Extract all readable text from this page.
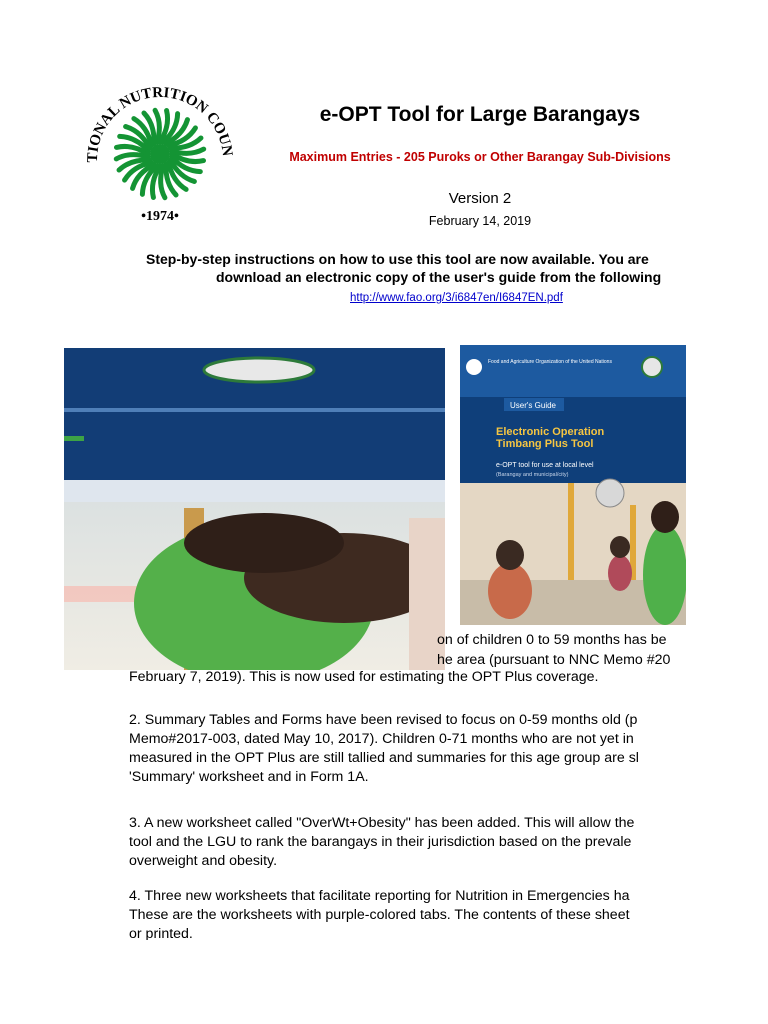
TIONAL NUTRITION COUN
•1974•
e-OPT Tool for Large Barangays
Maximum Entries - 205 Puroks or Other Barangay Sub-Divisions
Version 2
February 14, 2019
Step-by-step instructions on how to use this tool are now available. You are
download an electronic copy of the user's guide from the following
http://www.fao.org/3/i6847en/I6847EN.pdf
Food and Agriculture Organization of the United Nations
User's Guide
Electronic Operation
Timbang Plus Tool
e-OPT tool for use at local level
(Barangay and municipal/city)
on of children 0 to 59 months has be
he area (pursuant to NNC Memo #20
February 7, 2019). This is now used for estimating the OPT Plus coverage.
2. Summary Tables and Forms have been revised to focus on 0-59 months old (p
Memo#2017-003, dated May 10, 2017). Children 0-71 months who are not yet in
measured in the OPT Plus are still tallied and summaries for this age group are sl
'Summary' worksheet and in Form 1A.
3. A new worksheet called "OverWt+Obesity" has been added. This will allow the
tool and the LGU to rank the barangays in their jurisdiction based on the prevale
overweight and obesity.
4. Three new worksheets that facilitate reporting for Nutrition in Emergencies ha
These are the worksheets with purple-colored tabs. The contents of these sheet
or printed.
